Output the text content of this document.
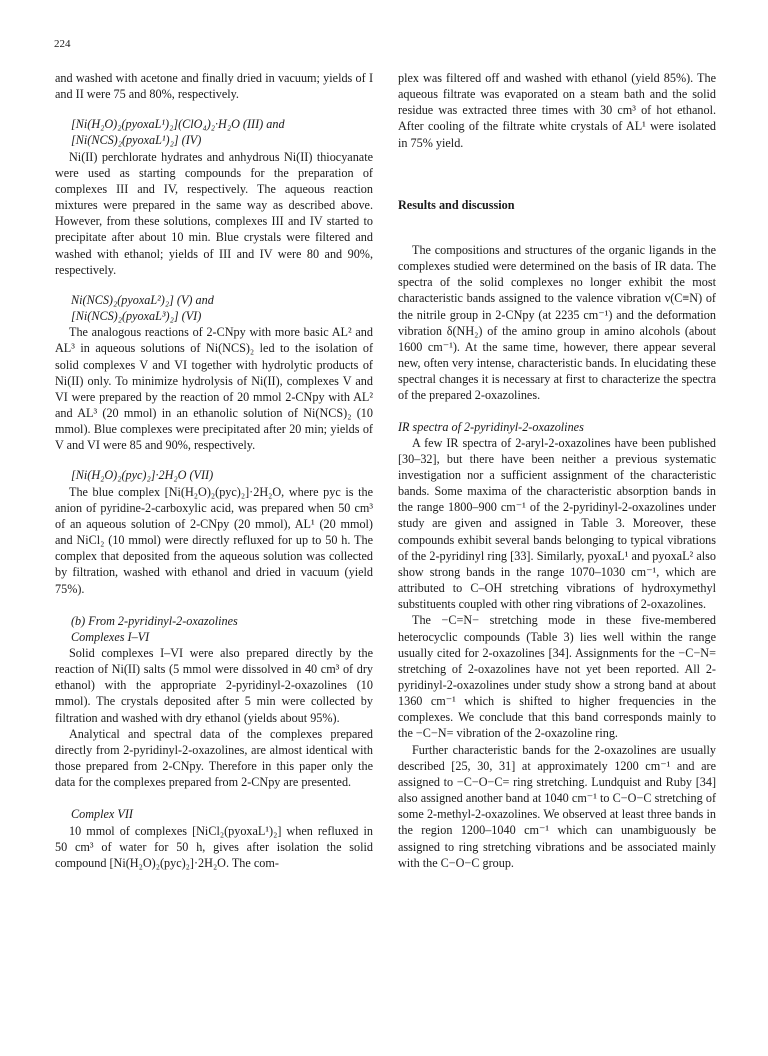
224

and washed with acetone and finally dried in vacuum; yields of I and II were 75 and 80%, respectively.

[Ni(H₂O)₂(pyoxaL¹)₂](ClO₄)₂·H₂O (III) and

[Ni(NCS)₂(pyoxaL¹)₂] (IV)

Ni(II) perchlorate hydrates and anhydrous Ni(II) thiocyanate were used as starting compounds for the preparation of complexes III and IV, respectively. The aqueous reaction mixtures were prepared in the same way as described above. However, from these solutions, complexes III and IV started to precipitate after about 10 min. Blue crystals were filtered and washed with ethanol; yields of III and IV were 80 and 90%, respectively.

Ni(NCS)₂(pyoxaL²)₂] (V) and

[Ni(NCS)₂(pyoxaL³)₂] (VI)

The analogous reactions of 2-CNpy with more basic AL² and AL³ in aqueous solutions of Ni(NCS)₂ led to the isolation of solid complexes V and VI together with hydrolytic products of Ni(II) only. To minimize hydrolysis of Ni(II), complexes V and VI were prepared by the reaction of 20 mmol 2-CNpy with AL² and AL³ (20 mmol) in an ethanolic solution of Ni(NCS)₂ (10 mmol). Blue complexes were precipitated after 20 min; yields of V and VI were 85 and 90%, respectively.

[Ni(H₂O)₂(pyc)₂]·2H₂O (VII)

The blue complex [Ni(H₂O)₂(pyc)₂]·2H₂O, where pyc is the anion of pyridine-2-carboxylic acid, was prepared when 50 cm³ of an aqueous solution of 2-CNpy (20 mmol), AL¹ (20 mmol) and NiCl₂ (10 mmol) were directly refluxed for up to 50 h. The complex that deposited from the aqueous solution was collected by filtration, washed with ethanol and dried in vacuum (yield 75%).

(b) From 2-pyridinyl-2-oxazolines

Complexes I–VI

Solid complexes I–VI were also prepared directly by the reaction of Ni(II) salts (5 mmol were dissolved in 40 cm³ of dry ethanol) with the appropriate 2-pyridinyl-2-oxazolines (10 mmol). The crystals deposited after 5 min were collected by filtration and washed with dry ethanol (yields about 95%).

Analytical and spectral data of the complexes prepared directly from 2-pyridinyl-2-oxazolines, are almost identical with those prepared from 2-CNpy. Therefore in this paper only the data for the complexes prepared from 2-CNpy are presented.

Complex VII

10 mmol of complexes [NiCl₂(pyoxaL¹)₂] when refluxed in 50 cm³ of water for 50 h, gives after isolation the solid compound [Ni(H₂O)₂(pyc)₂]·2H₂O. The com-

plex was filtered off and washed with ethanol (yield 85%). The aqueous filtrate was evaporated on a steam bath and the solid residue was extracted three times with 30 cm³ of hot ethanol. After cooling of the filtrate white crystals of AL¹ were isolated in 75% yield.

Results and discussion

The compositions and structures of the organic ligands in the complexes studied were determined on the basis of IR data. The spectra of the solid complexes no longer exhibit the most characteristic bands assigned to the valence vibration ν(C≡N) of the nitrile group in 2-CNpy (at 2235 cm⁻¹) and the deformation vibration δ(NH₂) of the amino group in amino alcohols (about 1600 cm⁻¹). At the same time, however, there appear several new, often very intense, characteristic bands. In elucidating these spectral changes it is necessary at first to characterize the spectra of the prepared 2-oxazolines.

IR spectra of 2-pyridinyl-2-oxazolines

A few IR spectra of 2-aryl-2-oxazolines have been published [30–32], but there have been neither a previous systematic investigation nor a sufficient assignment of the characteristic bands. Some maxima of the characteristic absorption bands in the range 1800–900 cm⁻¹ of the 2-pyridinyl-2-oxazolines under study are given and assigned in Table 3. Moreover, these compounds exhibit several bands belonging to typical vibrations of the 2-pyridinyl ring [33]. Similarly, pyoxaL¹ and pyoxaL² also show strong bands in the range 1070–1030 cm⁻¹, which are attributed to C–OH stretching vibrations of hydroxymethyl substituents coupled with other ring vibrations of 2-oxazolines.

The −C=N− stretching mode in these five-membered heterocyclic compounds (Table 3) lies well within the range usually cited for 2-oxazolines [34]. Assignments for the −C−N= stretching of 2-oxazolines have not yet been reported. All 2-pyridinyl-2-oxazolines under study show a strong band at about 1360 cm⁻¹ which is shifted to higher frequencies in the complexes. We conclude that this band corresponds mainly to the −C−N= vibration of the 2-oxazoline ring.

Further characteristic bands for the 2-oxazolines are usually described [25, 30, 31] at approximately 1200 cm⁻¹ and are assigned to −C−O−C= ring stretching. Lundquist and Ruby [34] also assigned another band at 1040 cm⁻¹ to C−O−C stretching of some 2-methyl-2-oxazolines. We observed at least three bands in the region 1200–1040 cm⁻¹ which can unambiguously be assigned to ring stretching vibrations and be associated mainly with the C−O−C group.
